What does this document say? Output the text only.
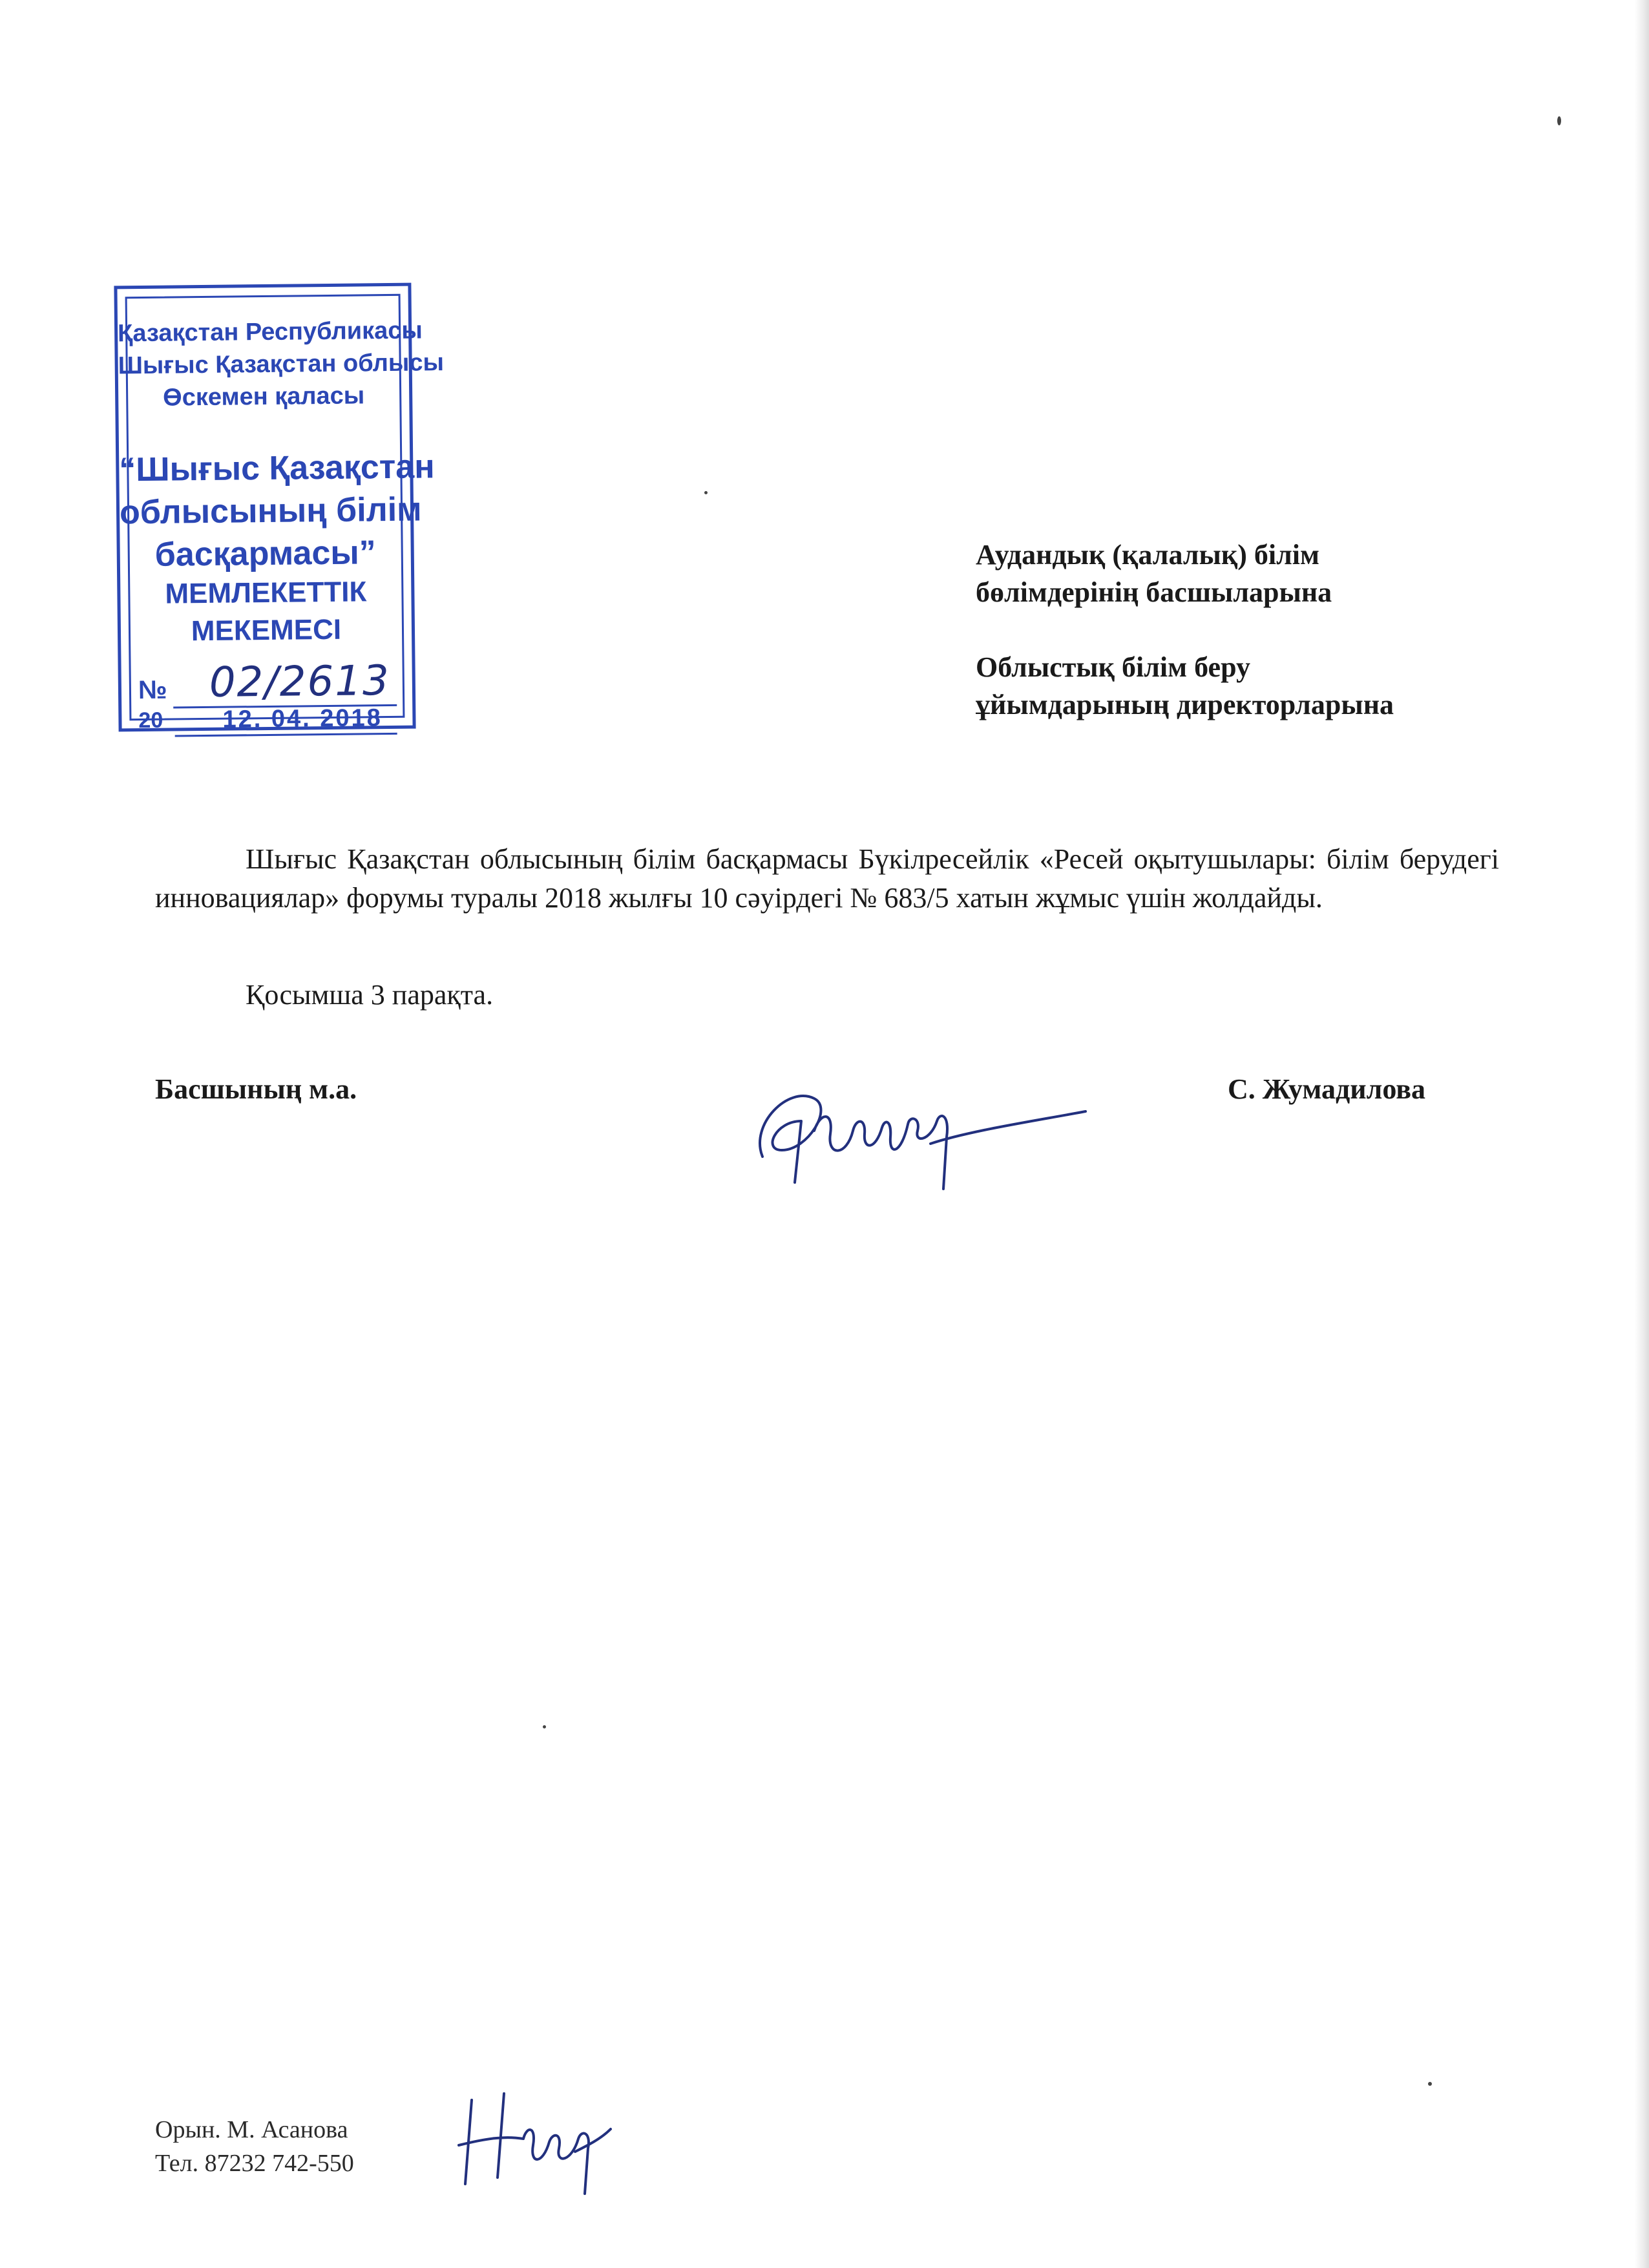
Қазақстан Республикасы
Шығыс Қазақстан облысы
Өскемен қаласы
“Шығыс Қазақстан
облысының білім
басқармасы”
МЕМЛЕКЕТТІК
МЕКЕМЕСІ
№ 02/2613
20 12. 04. 2018
Аудандық (қалалық) білім
бөлімдерінің басшыларына
Облыстық білім беру
ұйымдарының директорларына

Шығыс Қазақстан облысының білім басқармасы Бүкілресейлік «Ресей оқытушылары: білім берудегі инновациялар» форумы туралы 2018 жылғы 10 сәуірдегі № 683/5 хатын жұмыс үшін жолдайды.

Қосымша 3 парақта.
Басшының м.а.	С. Жумадилова
Орын. М. Асанова
Тел. 87232 742-550
